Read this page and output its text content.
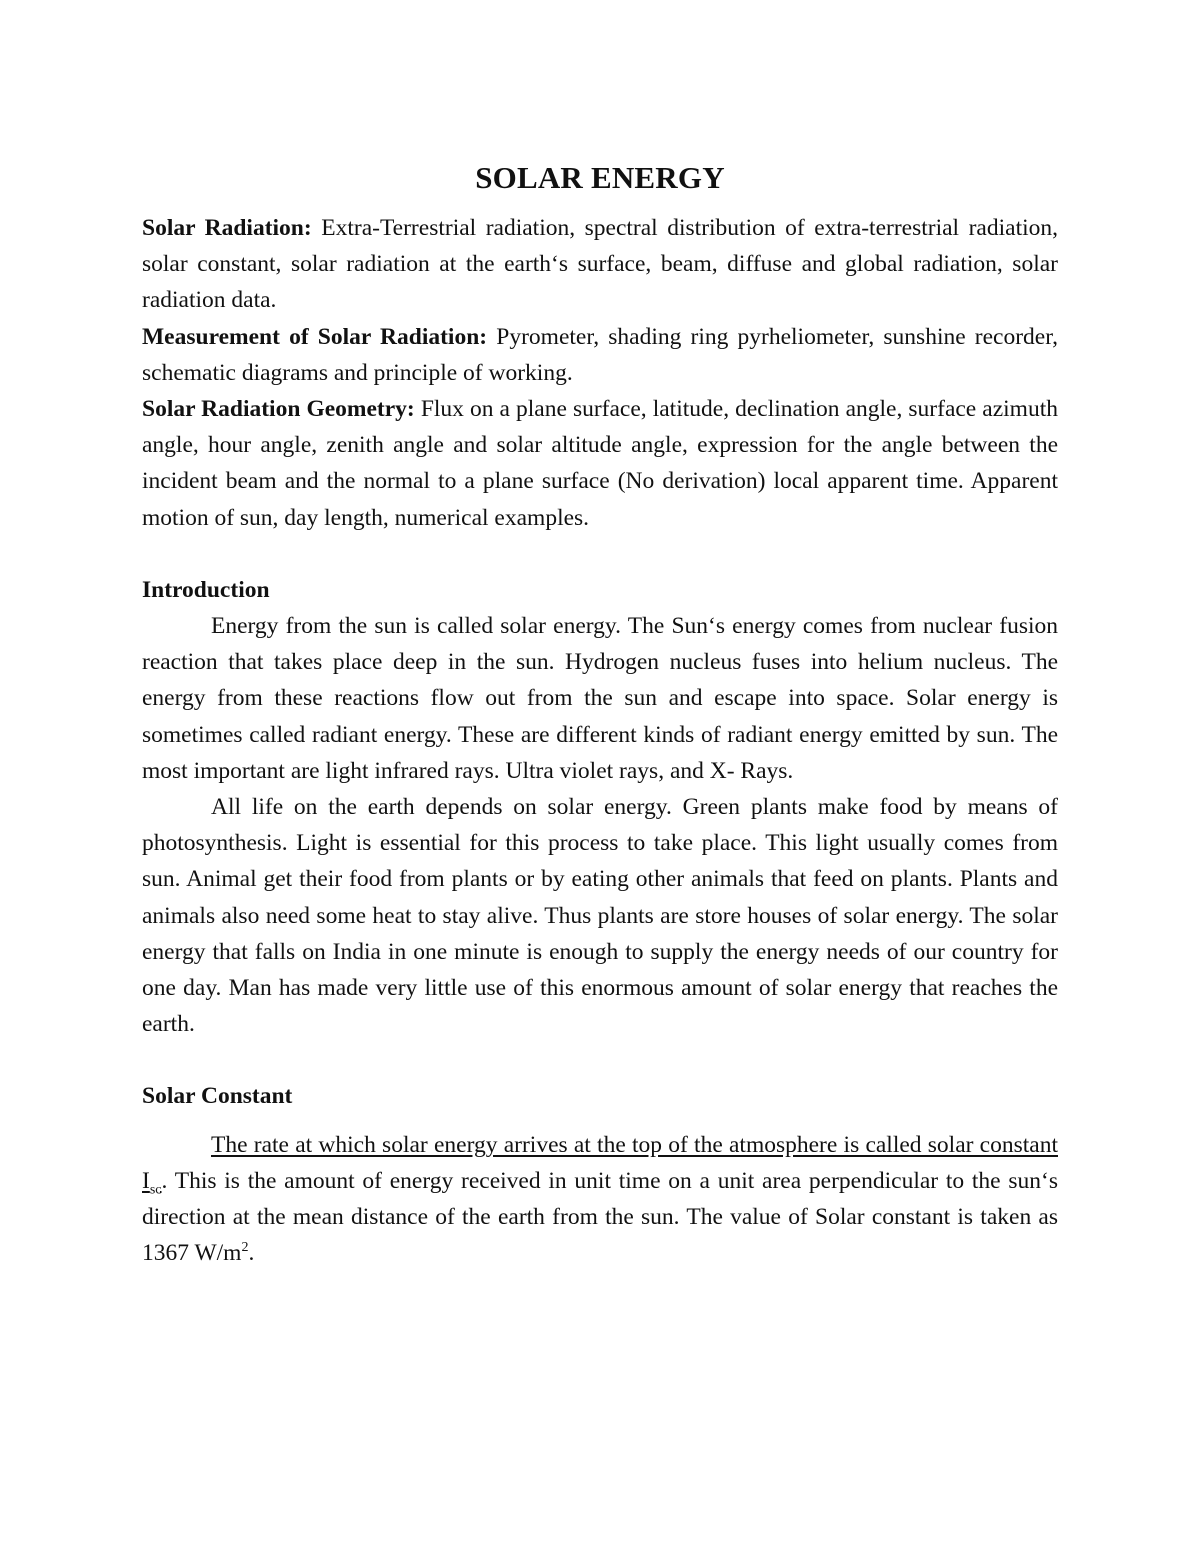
SOLAR ENERGY

Solar Radiation: Extra-Terrestrial radiation, spectral distribution of extra-terrestrial radiation, solar constant, solar radiation at the earth‘s surface, beam, diffuse and global radiation, solar radiation data.

Measurement of Solar Radiation: Pyrometer, shading ring pyrheliometer, sunshine recorder, schematic diagrams and principle of working.

Solar Radiation Geometry: Flux on a plane surface, latitude, declination angle, surface azimuth angle, hour angle, zenith angle and solar altitude angle, expression for the angle between the incident beam and the normal to a plane surface (No derivation) local apparent time. Apparent motion of sun, day length, numerical examples.

Introduction

Energy from the sun is called solar energy. The Sun‘s energy comes from nuclear fusion reaction that takes place deep in the sun. Hydrogen nucleus fuses into helium nucleus. The energy from these reactions flow out from the sun and escape into space. Solar energy is sometimes called radiant energy. These are different kinds of radiant energy emitted by sun. The most important are light infrared rays. Ultra violet rays, and X- Rays.

All life on the earth depends on solar energy. Green plants make food by means of photosynthesis. Light is essential for this process to take place. This light usually comes from sun. Animal get their food from plants or by eating other animals that feed on plants. Plants and animals also need some heat to stay alive. Thus plants are store houses of solar energy. The solar energy that falls on India in one minute is enough to supply the energy needs of our country for one day. Man has made very little use of this enormous amount of solar energy that reaches the earth.

Solar Constant

The rate at which solar energy arrives at the top of the atmosphere is called solar constant $I_{sc}$. This is the amount of energy received in unit time on a unit area perpendicular to the sun‘s direction at the mean distance of the earth from the sun. The value of Solar constant is taken as 1367 $W/m^2$.
